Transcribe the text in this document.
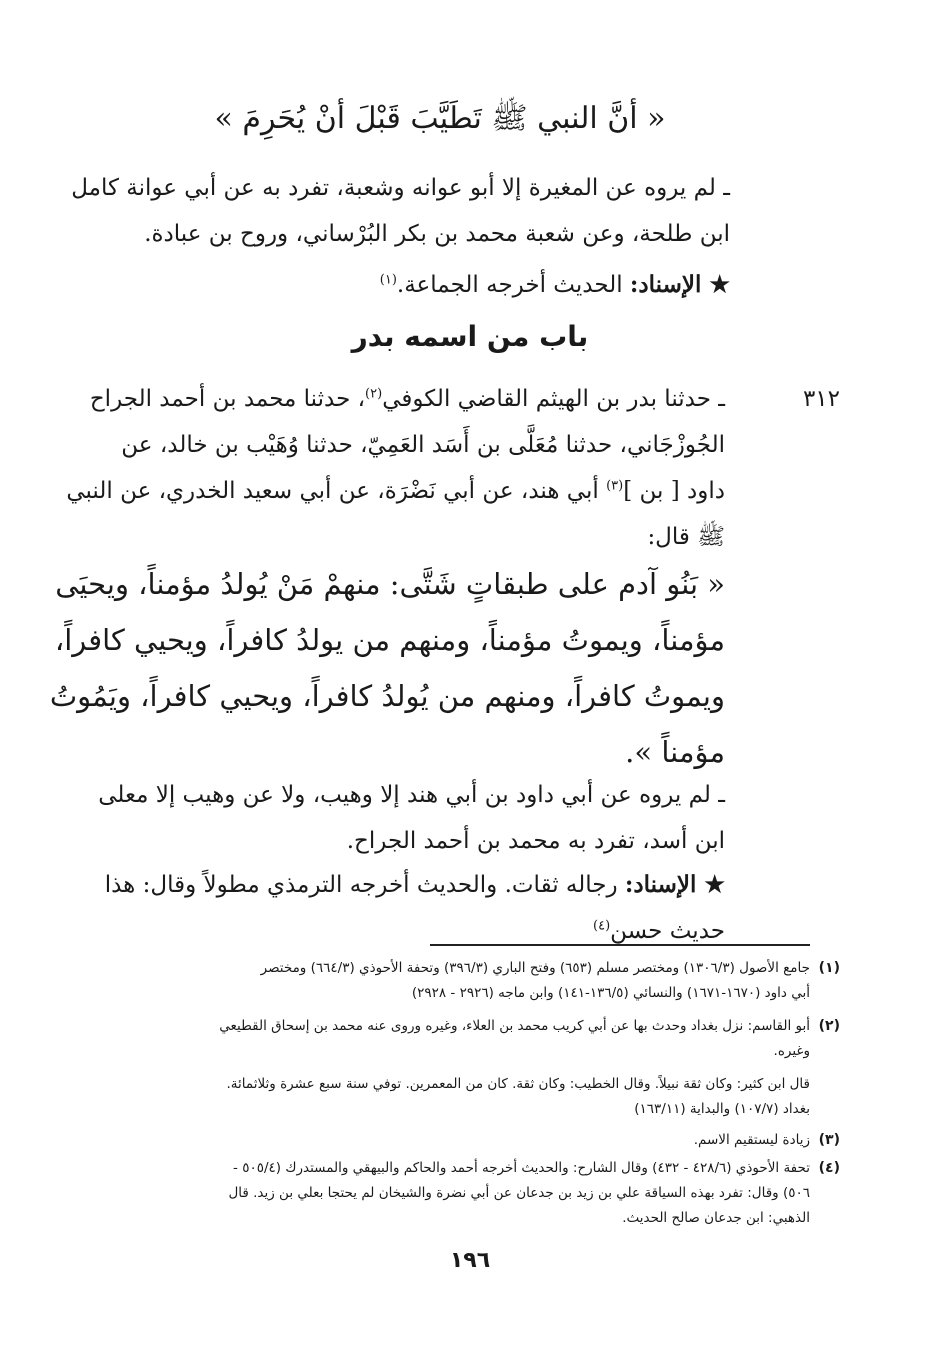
« أنَّ النبي ﷺ تَطَيَّبَ قَبْلَ أنْ يُحَرِمَ »
ـ لم يروه عن المغيرة إلا أبو عوانه وشعبة، تفرد به عن أبي عوانة كامل
ابن طلحة، وعن شعبة محمد بن بكر البُرْساني، وروح بن عبادة.
★ الإسناد: الحديث أخرجه الجماعة.$^{(١)}$
باب من اسمه بدر
٣١٢
ـ حدثنا بدر بن الهيثم القاضي الكوفي$^{(٢)}$، حدثنا محمد بن أحمد الجراح
الجُوزْجَاني، حدثنا مُعَلَّى بن أَسَد العَمِيّ، حدثنا وُهَيْب بن خالد، عن
داود [ بن ]$^{(٣)}$ أبي هند، عن أبي نَضْرَة، عن أبي سعيد الخدري، عن النبي
ﷺ قال:
« بَنُو آدم على طبقاتٍ شَتَّى: منهمْ مَنْ يُولدُ مؤمناً، ويحيَى
مؤمناً، ويموتُ مؤمناً، ومنهم من يولدُ كافراً، ويحيي كافراً،
ويموتُ كافراً، ومنهم من يُولدُ كافراً، ويحيي كافراً، ويَمُوتُ
مؤمناً ».
ـ لم يروه عن أبي داود بن أبي هند إلا وهيب، ولا عن وهيب إلا معلى
ابن أسد، تفرد به محمد بن أحمد الجراح.
★ الإسناد: رجاله ثقات. والحديث أخرجه الترمذي مطولاً وقال: هذا
حديث حسن$^{(٤)}$
(١)
جامع الأصول (١٣٠٦/٣) ومختصر مسلم (٦٥٣) وفتح الباري (٣٩٦/٣) وتحفة الأحوذي (٦٦٤/٣) ومختصر
أبي داود (١٦٧٠-١٦٧١) والنسائي (١٣٦/٥-١٤١) وابن ماجه (٢٩٢٦ - ٢٩٢٨)
(٢)
أبو القاسم: نزل بغداد وحدث بها عن أبي كريب محمد بن العلاء، وغيره وروى عنه محمد بن إسحاق القطيعي
وغيره.
قال ابن كثير: وكان ثقة نبيلاً. وقال الخطيب: وكان ثقة. كان من المعمرين. توفي سنة سبع عشرة وثلاثمائة.
بغداد (١٠٧/٧) والبداية (١٦٣/١١)
(٣)
زيادة ليستقيم الاسم.
(٤)
تحفة الأحوذي (٤٢٨/٦ - ٤٣٢) وقال الشارح: والحديث أخرجه أحمد والحاكم والبيهقي والمستدرك (٥٠٥/٤ -
٥٠٦) وقال: تفرد بهذه السياقة علي بن زيد بن جدعان عن أبي نضرة والشيخان لم يحتجا بعلي بن زيد. قال
الذهبي: ابن جدعان صالح الحديث.
١٩٦
